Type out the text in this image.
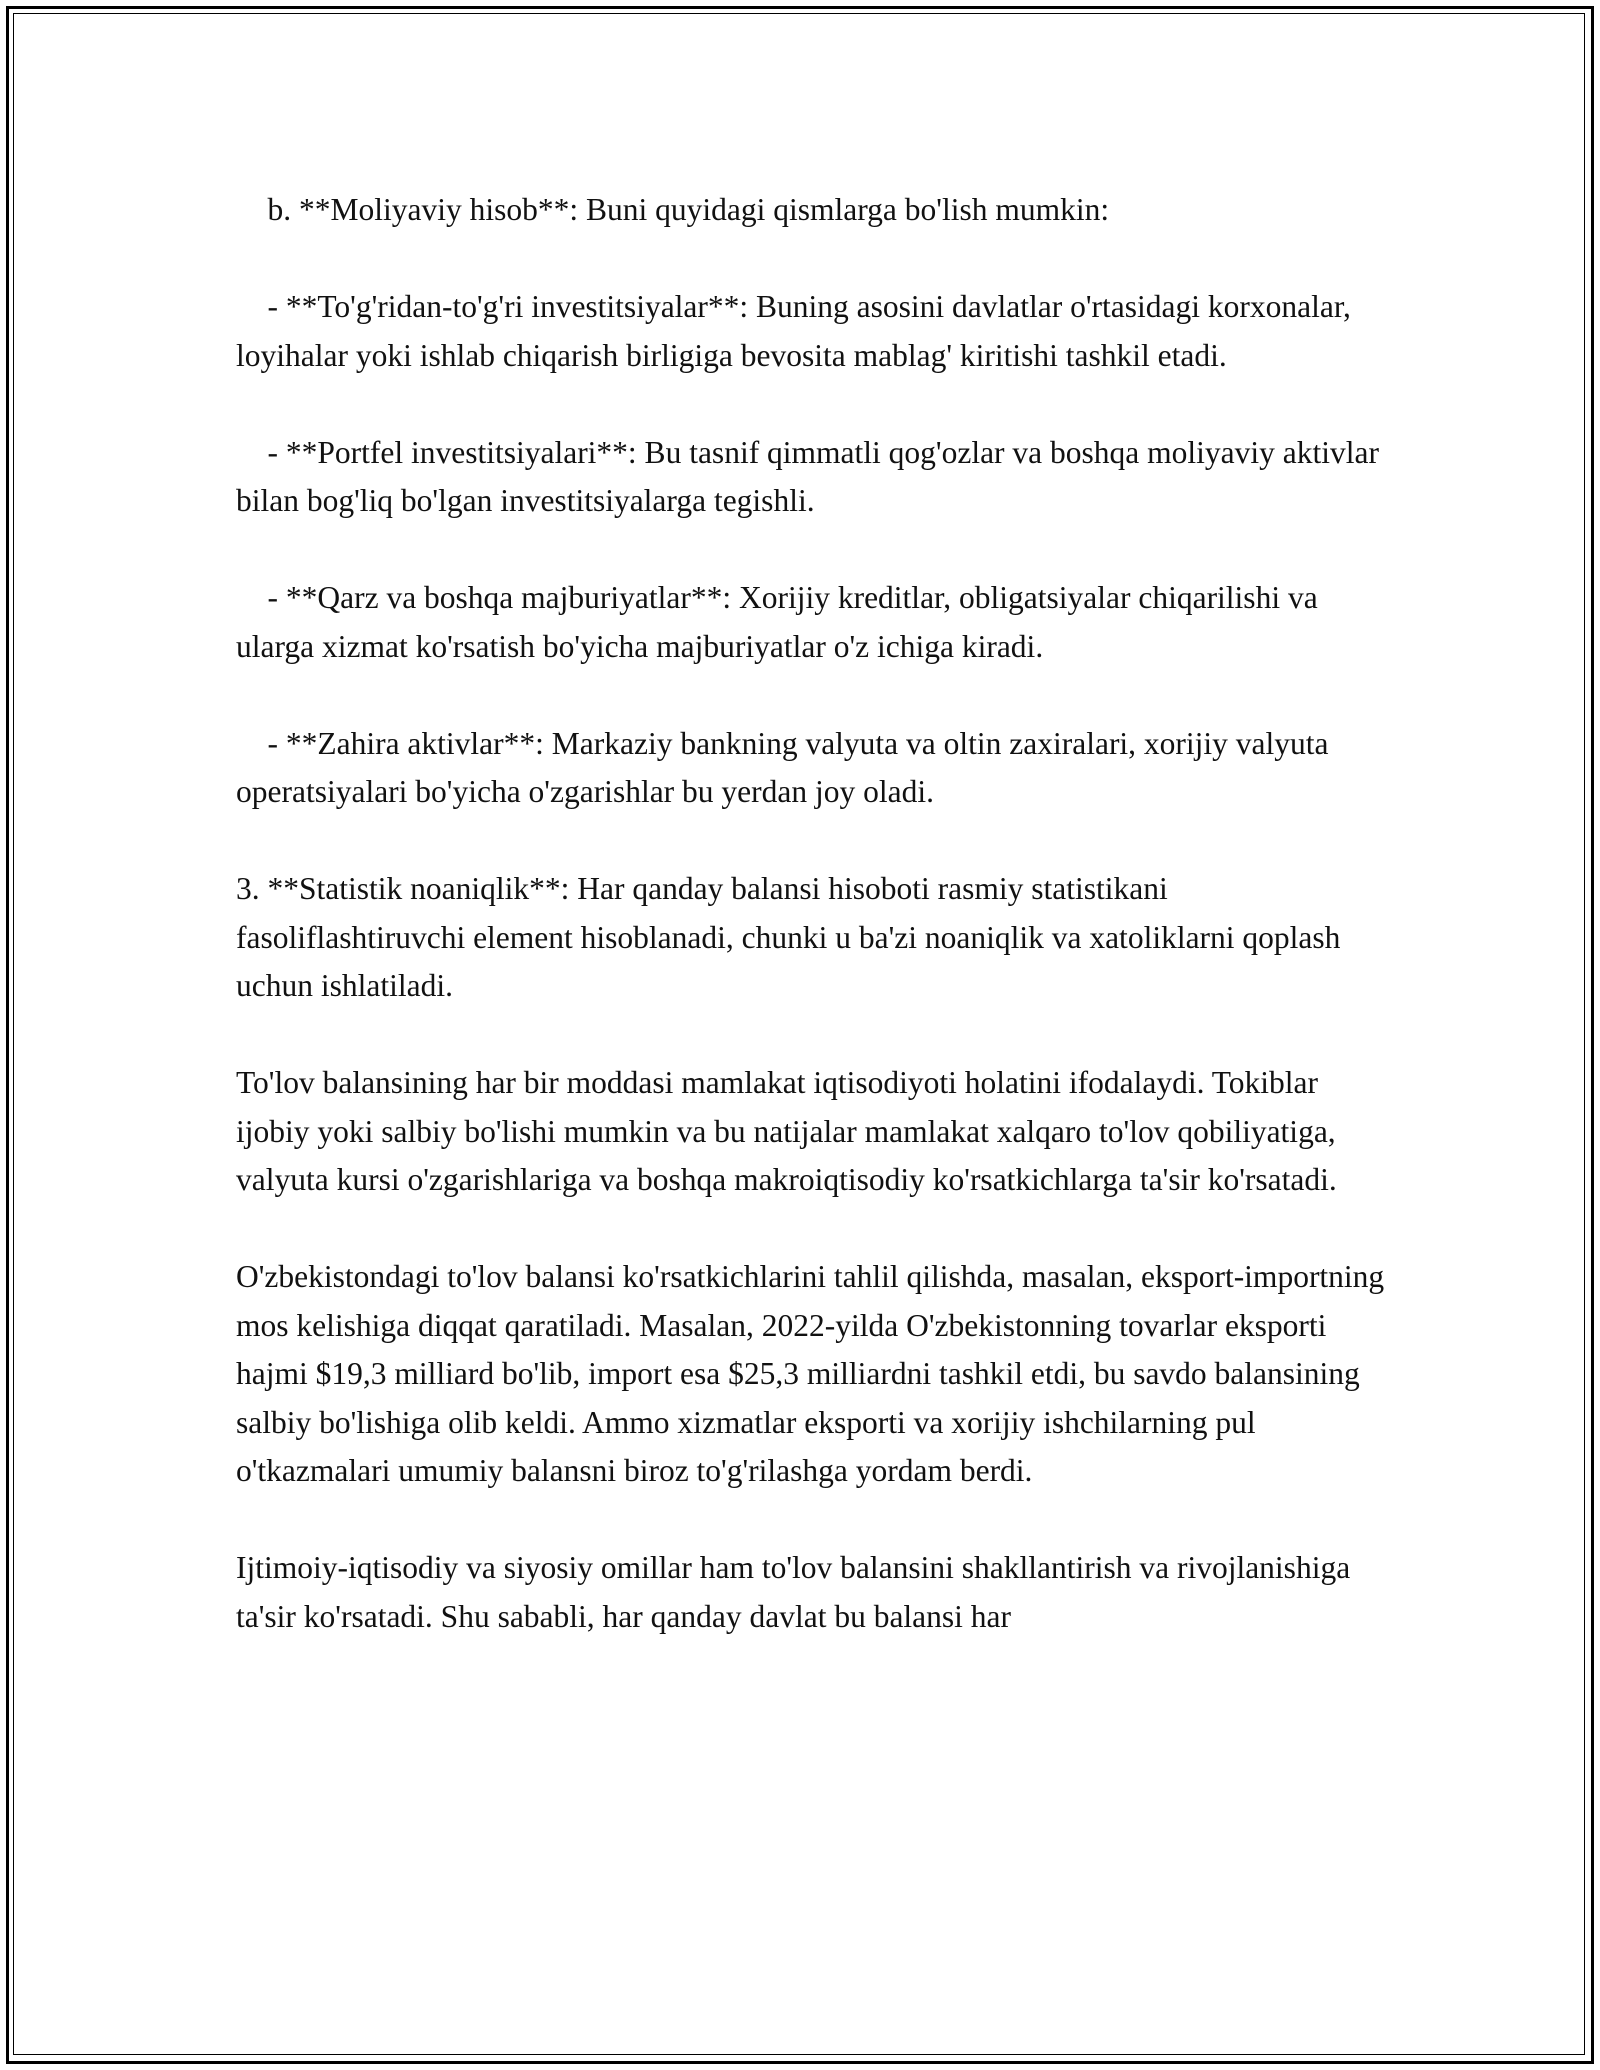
b. **Moliyaviy hisob**: Buni quyidagi qismlarga bo'lish mumkin:

- **To'g'ridan-to'g'ri investitsiyalar**: Buning asosini davlatlar o'rtasidagi korxonalar, loyihalar yoki ishlab chiqarish birligiga bevosita mablag' kiritishi tashkil etadi.

- **Portfel investitsiyalari**: Bu tasnif qimmatli qog'ozlar va boshqa moliyaviy aktivlar bilan bog'liq bo'lgan investitsiyalarga tegishli.

- **Qarz va boshqa majburiyatlar**: Xorijiy kreditlar, obligatsiyalar chiqarilishi va ularga xizmat ko'rsatish bo'yicha majburiyatlar o'z ichiga kiradi.

- **Zahira aktivlar**: Markaziy bankning valyuta va oltin zaxiralari, xorijiy valyuta operatsiyalari bo'yicha o'zgarishlar bu yerdan joy oladi.

3. **Statistik noaniqlik**: Har qanday balansi hisoboti rasmiy statistikani fasoliflashtiruvchi element hisoblanadi, chunki u ba'zi noaniqlik va xatoliklarni qoplash uchun ishlatiladi.

To'lov balansining har bir moddasi mamlakat iqtisodiyoti holatini ifodalaydi. Tokiblar ijobiy yoki salbiy bo'lishi mumkin va bu natijalar mamlakat xalqaro to'lov qobiliyatiga, valyuta kursi o'zgarishlariga va boshqa makroiqtisodiy ko'rsatkichlarga ta'sir ko'rsatadi.

O'zbekistondagi to'lov balansi ko'rsatkichlarini tahlil qilishda, masalan, eksport-importning mos kelishiga diqqat qaratiladi. Masalan, 2022-yilda O'zbekistonning tovarlar eksporti hajmi $19,3 milliard bo'lib, import esa $25,3 milliardni tashkil etdi, bu savdo balansining salbiy bo'lishiga olib keldi. Ammo xizmatlar eksporti va xorijiy ishchilarning pul o'tkazmalari umumiy balansni biroz to'g'rilashga yordam berdi.

Ijtimoiy-iqtisodiy va siyosiy omillar ham to'lov balansini shakllantirish va rivojlanishiga ta'sir ko'rsatadi. Shu sababli, har qanday davlat bu balansi har
